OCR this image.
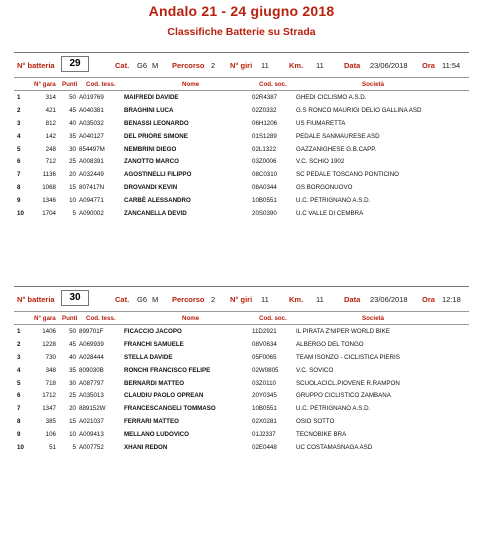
Andalo 21 - 24 giugno 2018
Classifiche Batterie su Strada
N° batteria	29	Cat. G6 M Percorso 2 N° giri 11	Km. 11	Data 23/06/2018 Ora 11:54
N° gara Punti Cod. tess.	Nome	Cod. soc.	Società
1	314	50 A019769	MAIFREDI DAVIDE	02R4387	GHEDI CICLISMO A.S.D.
2	421	45 A040381	BRAGHINI LUCA	02Z0332	G.S RONCO MAURIGI DELIO GALLINA ASD
3	812	40 A035032	BENASSI LEONARDO	06H1206	US FIUMARETTA
4	142	35 A040127	DEL PRIORE SIMONE	01S1289	PEDALE SANMAURESE ASD
5	248	30 854497M	NEMBRINI DIEGO	02L1322	GAZZANIGHESE G.B.CAPP.
6	712	25 A008391	ZANOTTO MARCO	03Z0006	V.C. SCHIO 1902
7	1136	20 A032449	AGOSTINELLI FILIPPO	08C0310	SC PEDALE TOSCANO PONTICINO
8	1068	15 807417N	DROVANDI KEVIN	08A0344	GS BORGONUOVO
9	1346	10 A094771	CARBÈ ALESSANDRO	10B0551	U.C. PETRIGNANO A.S.D.
10	1704	5 A090002	ZANCANELLA DEVID	20S0390	U.C VALLE DI CEMBRA
N° batteria	30	Cat. G6 M Percorso 2 N° giri 11	Km. 11	Data 23/06/2018 Ora 12:18
N° gara Punti Cod. tess.	Nome	Cod. soc.	Società
1	1406	50 899701F	FICACCIO JACOPO	11D2921	IL PIRATA Z'NIPER WORLD BIKE
2	1228	45 A069939	FRANCHI SAMUELE	08V0634	ALBERGO DEL TONGO
3	730	40 A028444	STELLA DAVIDE	05F0065	TEAM ISONZO - CICLISTICA PIERIS
4	348	35 809030B	RONCHI FRANCISCO FELIPE	02W0805	V.C. SOVICO
5	718	30 A087797	BERNARDI MATTEO	03Z0110	SCUOLACICL.PIOVENE R.RAMPON
6	1712	25 A035013	CLAUDIU PAOLO OPREAN	20Y0345	GRUPPO CICLISTICO ZAMBANA
7	1347	20 889152W	FRANCESCANGELI TOMMASO	10B0551	U.C. PETRIGNANO A.S.D.
8	385	15 A021037	FERRARI MATTEO	02X0281	OSIO SOTTO
9	106	10 A009413	MELLANO LUDOVICO	01J2337	TECNOBIKE BRA
10	51	5 A007752	XHANI REDON	02E0448	UC COSTAMASNAGA ASD
